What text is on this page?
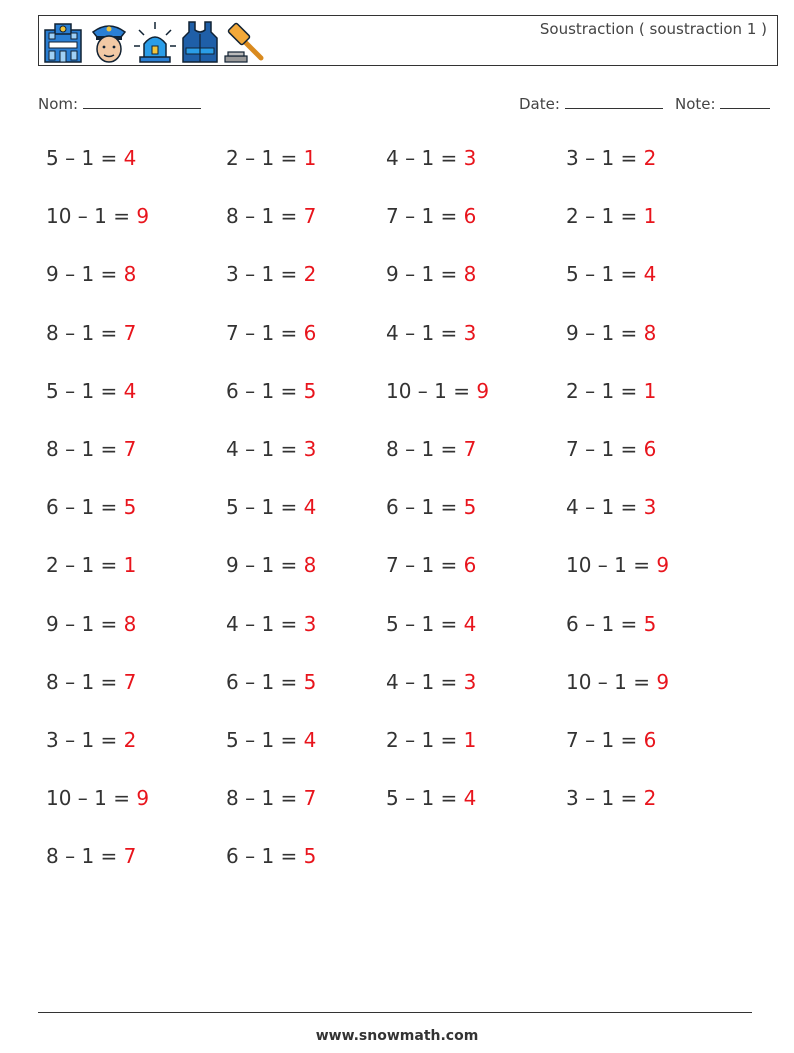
Soustraction ( soustraction 1 )
Nom:	Date:	Note:
5 – 1 = 4	2 – 1 = 1	4 – 1 = 3	3 – 1 = 2
10 – 1 = 9	8 – 1 = 7	7 – 1 = 6	2 – 1 = 1
9 – 1 = 8	3 – 1 = 2	9 – 1 = 8	5 – 1 = 4
8 – 1 = 7	7 – 1 = 6	4 – 1 = 3	9 – 1 = 8
5 – 1 = 4	6 – 1 = 5	10 – 1 = 9	2 – 1 = 1
8 – 1 = 7	4 – 1 = 3	8 – 1 = 7	7 – 1 = 6
6 – 1 = 5	5 – 1 = 4	6 – 1 = 5	4 – 1 = 3
2 – 1 = 1	9 – 1 = 8	7 – 1 = 6	10 – 1 = 9
9 – 1 = 8	4 – 1 = 3	5 – 1 = 4	6 – 1 = 5
8 – 1 = 7	6 – 1 = 5	4 – 1 = 3	10 – 1 = 9
3 – 1 = 2	5 – 1 = 4	2 – 1 = 1	7 – 1 = 6
10 – 1 = 9	8 – 1 = 7	5 – 1 = 4	3 – 1 = 2
8 – 1 = 7	6 – 1 = 5
www.snowmath.com
